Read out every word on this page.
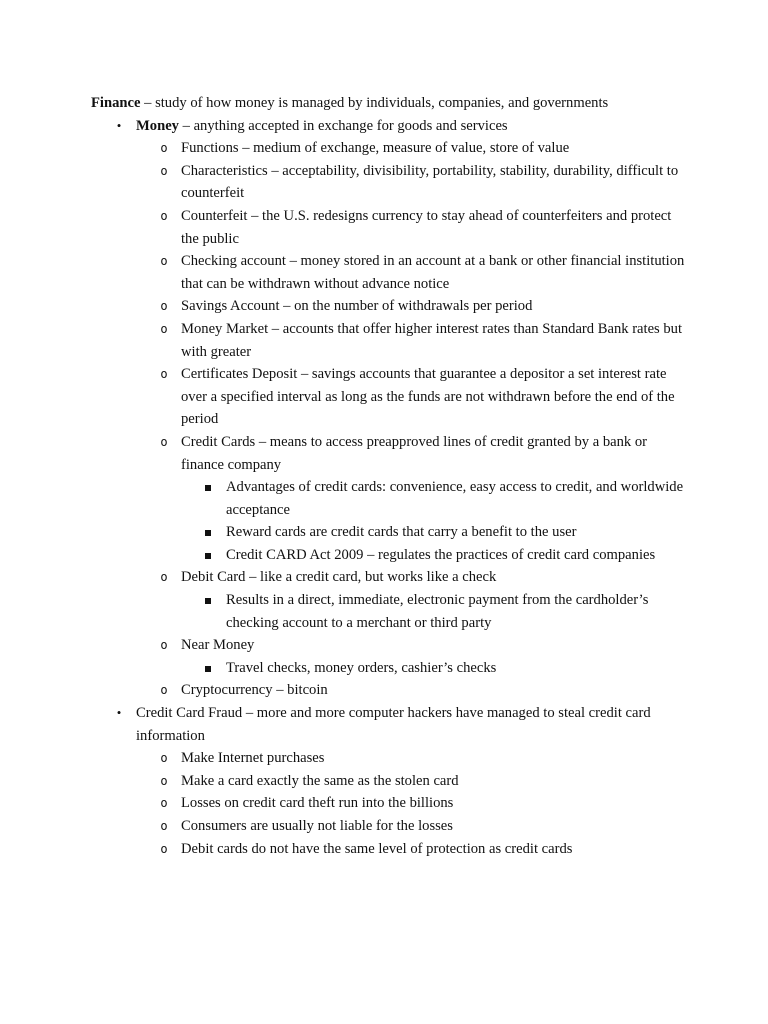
Finance – study of how money is managed by individuals, companies, and governments

• Money – anything accepted in exchange for goods and services
o Functions – medium of exchange, measure of value, store of value
o Characteristics – acceptability, divisibility, portability, stability, durability, difficult to counterfeit
o Counterfeit – the U.S. redesigns currency to stay ahead of counterfeiters and protect the public
o Checking account – money stored in an account at a bank or other financial institution that can be withdrawn without advance notice
o Savings Account – on the number of withdrawals per period
o Money Market – accounts that offer higher interest rates than Standard Bank rates but with greater
o Certificates Deposit – savings accounts that guarantee a depositor a set interest rate over a specified interval as long as the funds are not withdrawn before the end of the period
o Credit Cards – means to access preapproved lines of credit granted by a bank or finance company
Advantages of credit cards: convenience, easy access to credit, and worldwide acceptance
Reward cards are credit cards that carry a benefit to the user
Credit CARD Act 2009 – regulates the practices of credit card companies
o Debit Card – like a credit card, but works like a check
Results in a direct, immediate, electronic payment from the cardholder’s checking account to a merchant or third party
o Near Money
Travel checks, money orders, cashier’s checks
o Cryptocurrency – bitcoin
• Credit Card Fraud – more and more computer hackers have managed to steal credit card information
o Make Internet purchases
o Make a card exactly the same as the stolen card
o Losses on credit card theft run into the billions
o Consumers are usually not liable for the losses
o Debit cards do not have the same level of protection as credit cards
